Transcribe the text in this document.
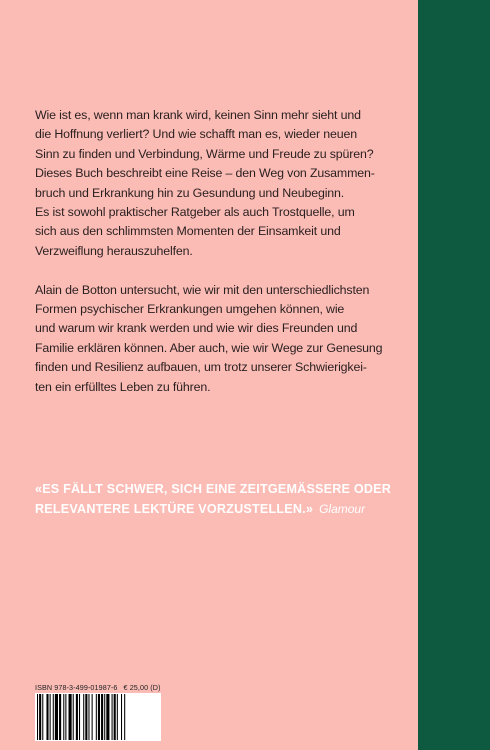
Wie ist es, wenn man krank wird, keinen Sinn mehr sieht und
die Hoffnung verliert? Und wie schafft man es, wieder neuen
Sinn zu finden und Verbindung, Wärme und Freude zu spüren?
Dieses Buch beschreibt eine Reise – den Weg von Zusammen-
bruch und Erkrankung hin zu Gesundung und Neubeginn.
Es ist sowohl praktischer Ratgeber als auch Trostquelle, um
sich aus den schlimmsten Momenten der Einsamkeit und
Verzweiflung herauszuhelfen.

Alain de Botton untersucht, wie wir mit den unterschiedlichsten
Formen psychischer Erkrankungen umgehen können, wie
und warum wir krank werden und wie wir dies Freunden und
Familie erklären können. Aber auch, wie wir Wege zur Genesung
finden und Resilienz aufbauen, um trotz unserer Schwierigkei-
ten ein erfülltes Leben zu führen.

«ES FÄLLT SCHWER, SICH EINE ZEITGEMÄSSERE ODER
RELEVANTERE LEKTÜRE VORZUSTELLEN.» Glamour
ISBN 978-3-499-01987-6 € 25,00 (D)
